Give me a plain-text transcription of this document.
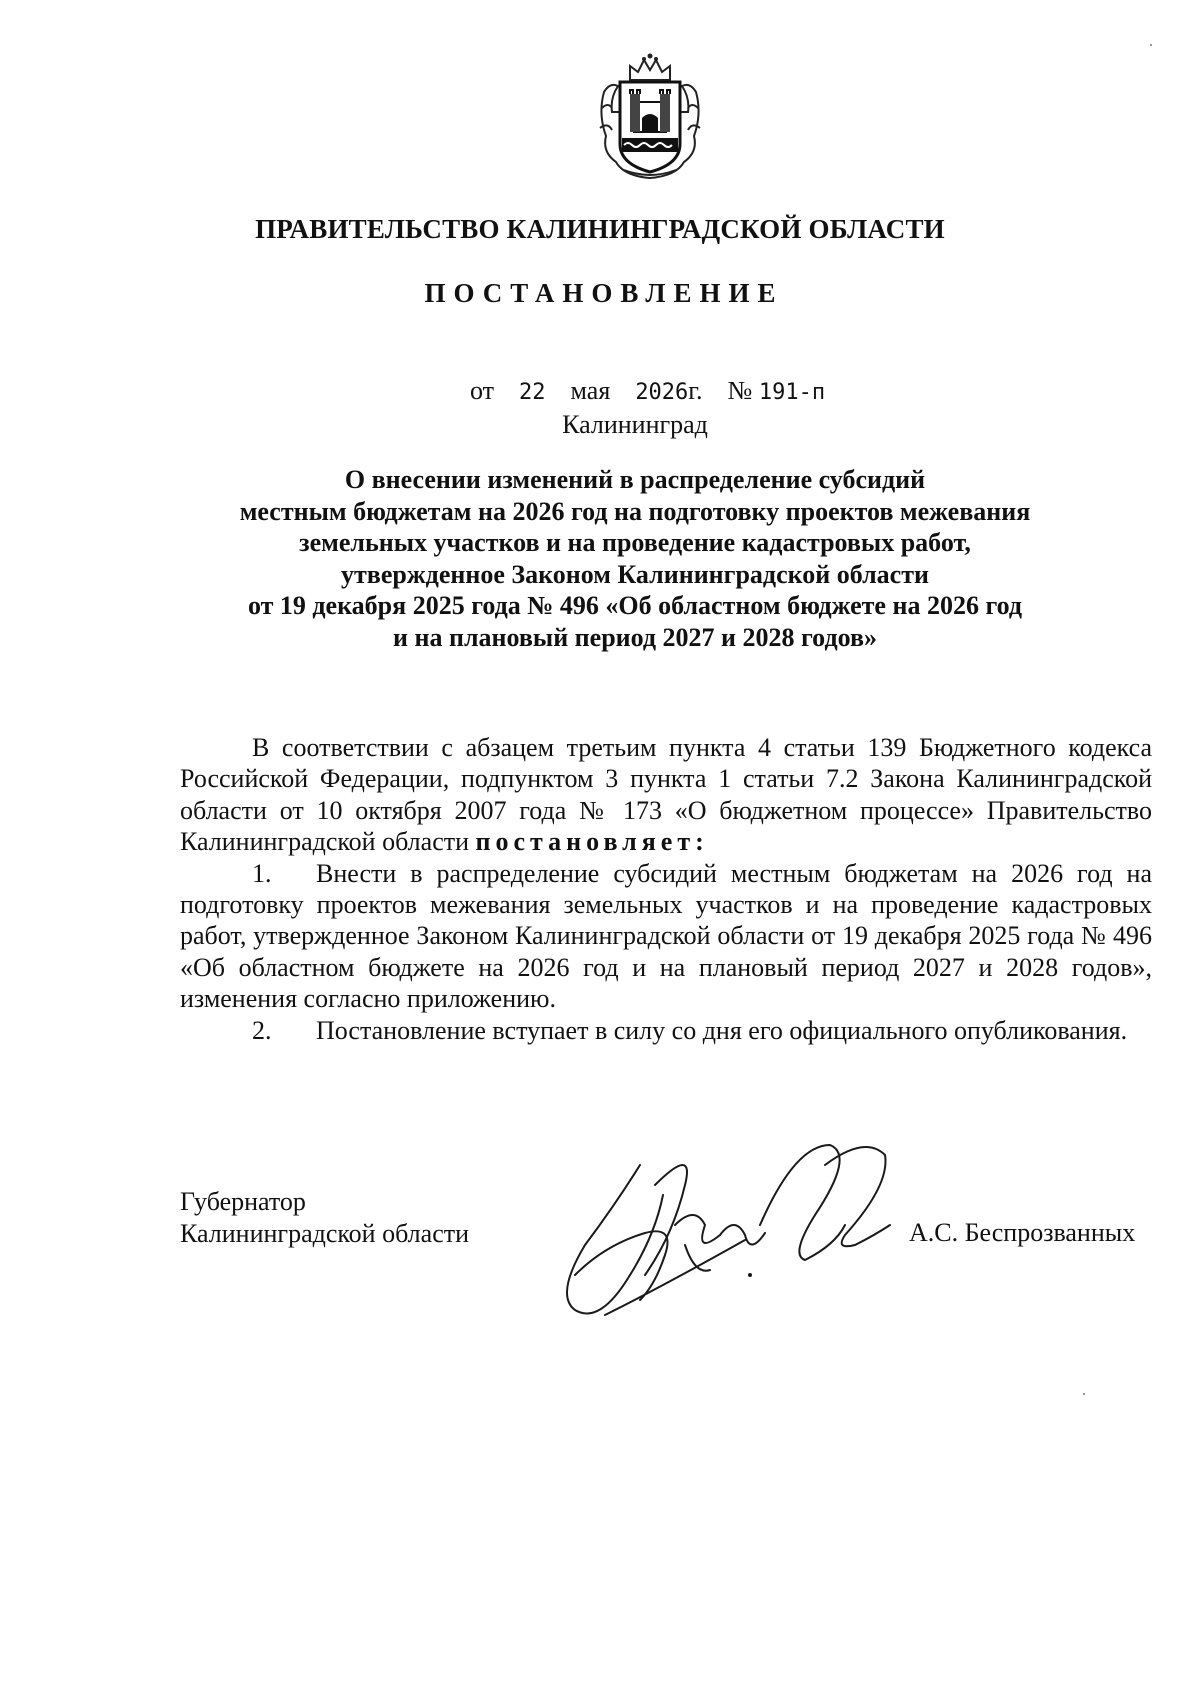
ПРАВИТЕЛЬСТВО КАЛИНИНГРАДСКОЙ ОБЛАСТИ
ПОСТАНОВЛЕНИЕ
от 22 мая 2026г. № 191-п
Калининград
О внесении изменений в распределение субсидий
местным бюджетам на 2026 год на подготовку проектов межевания
земельных участков и на проведение кадастровых работ,
утвержденное Законом Калининградской области
от 19 декабря 2025 года № 496 «Об областном бюджете на 2026 год
и на плановый период 2027 и 2028 годов»

В соответствии с абзацем третьим пункта 4 статьи 139 Бюджетного кодекса Российской Федерации, подпунктом 3 пункта 1 статьи 7.2 Закона Калининградской области от 10 октября 2007 года № 173 «О бюджетном процессе» Правительство Калининградской области постановляет:

1. Внести в распределение субсидий местным бюджетам на 2026 год на подготовку проектов межевания земельных участков и на проведение кадастровых работ, утвержденное Законом Калининградской области от 19 декабря 2025 года № 496 «Об областном бюджете на 2026 год и на плановый период 2027 и 2028 годов», изменения согласно приложению.

2. Постановление вступает в силу со дня его официального опубликования.

Губернатор
Калининградской области	А.С. Беспрозванных
